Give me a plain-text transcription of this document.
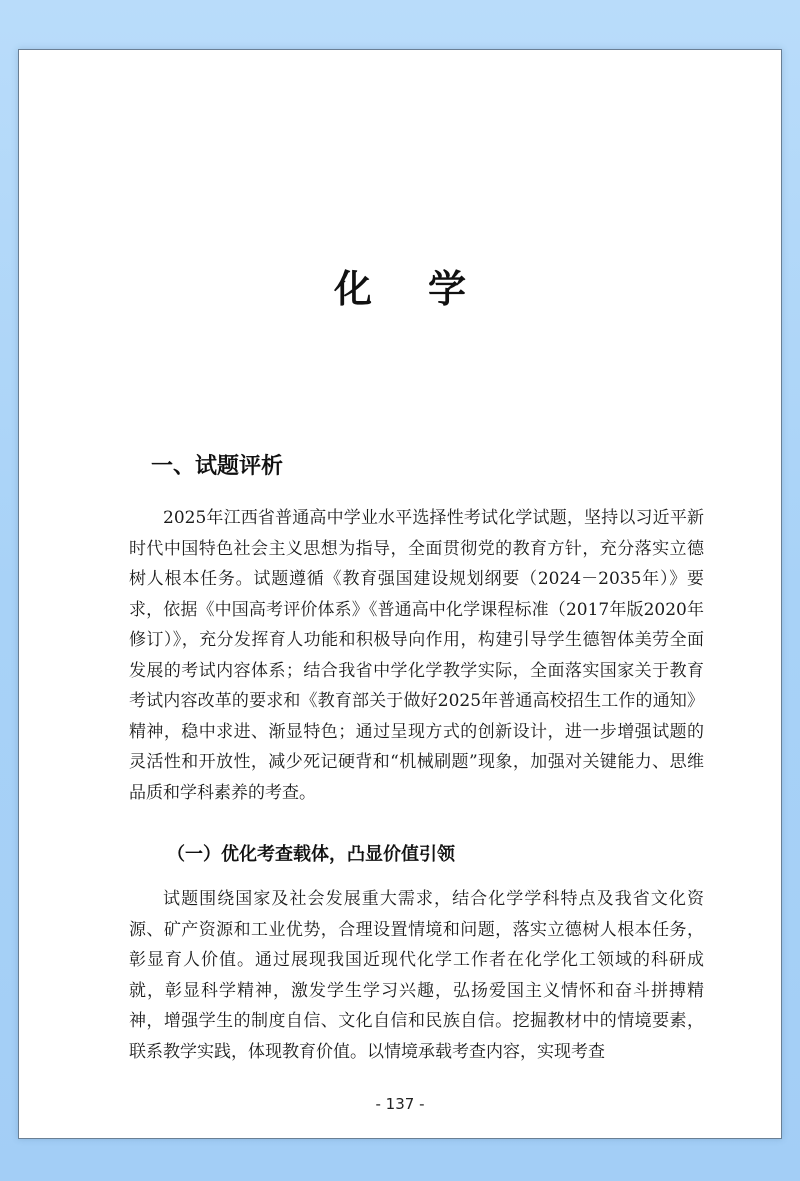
化学
一、试题评析

2025年江西省普通高中学业水平选择性考试化学试题，坚持以习近平新时代中国特色社会主义思想为指导，全面贯彻党的教育方针，充分落实立德树人根本任务。试题遵循《教育强国建设规划纲要（2024－2035年）》要求，依据《中国高考评价体系》《普通高中化学课程标准（2017年版2020年修订）》，充分发挥育人功能和积极导向作用，构建引导学生德智体美劳全面发展的考试内容体系；结合我省中学化学教学实际，全面落实国家关于教育考试内容改革的要求和《教育部关于做好2025年普通高校招生工作的通知》精神，稳中求进、渐显特色；通过呈现方式的创新设计，进一步增强试题的灵活性和开放性，减少死记硬背和“机械刷题”现象，加强对关键能力、思维品质和学科素养的考查。

（一）优化考查载体，凸显价值引领

试题围绕国家及社会发展重大需求，结合化学学科特点及我省文化资源、矿产资源和工业优势，合理设置情境和问题，落实立德树人根本任务，彰显育人价值。通过展现我国近现代化学工作者在化学化工领域的科研成就，彰显科学精神，激发学生学习兴趣，弘扬爱国主义情怀和奋斗拼搏精神，增强学生的制度自信、文化自信和民族自信。挖掘教材中的情境要素，联系教学实践，体现教育价值。以情境承载考查内容，实现考查

- 137 -
